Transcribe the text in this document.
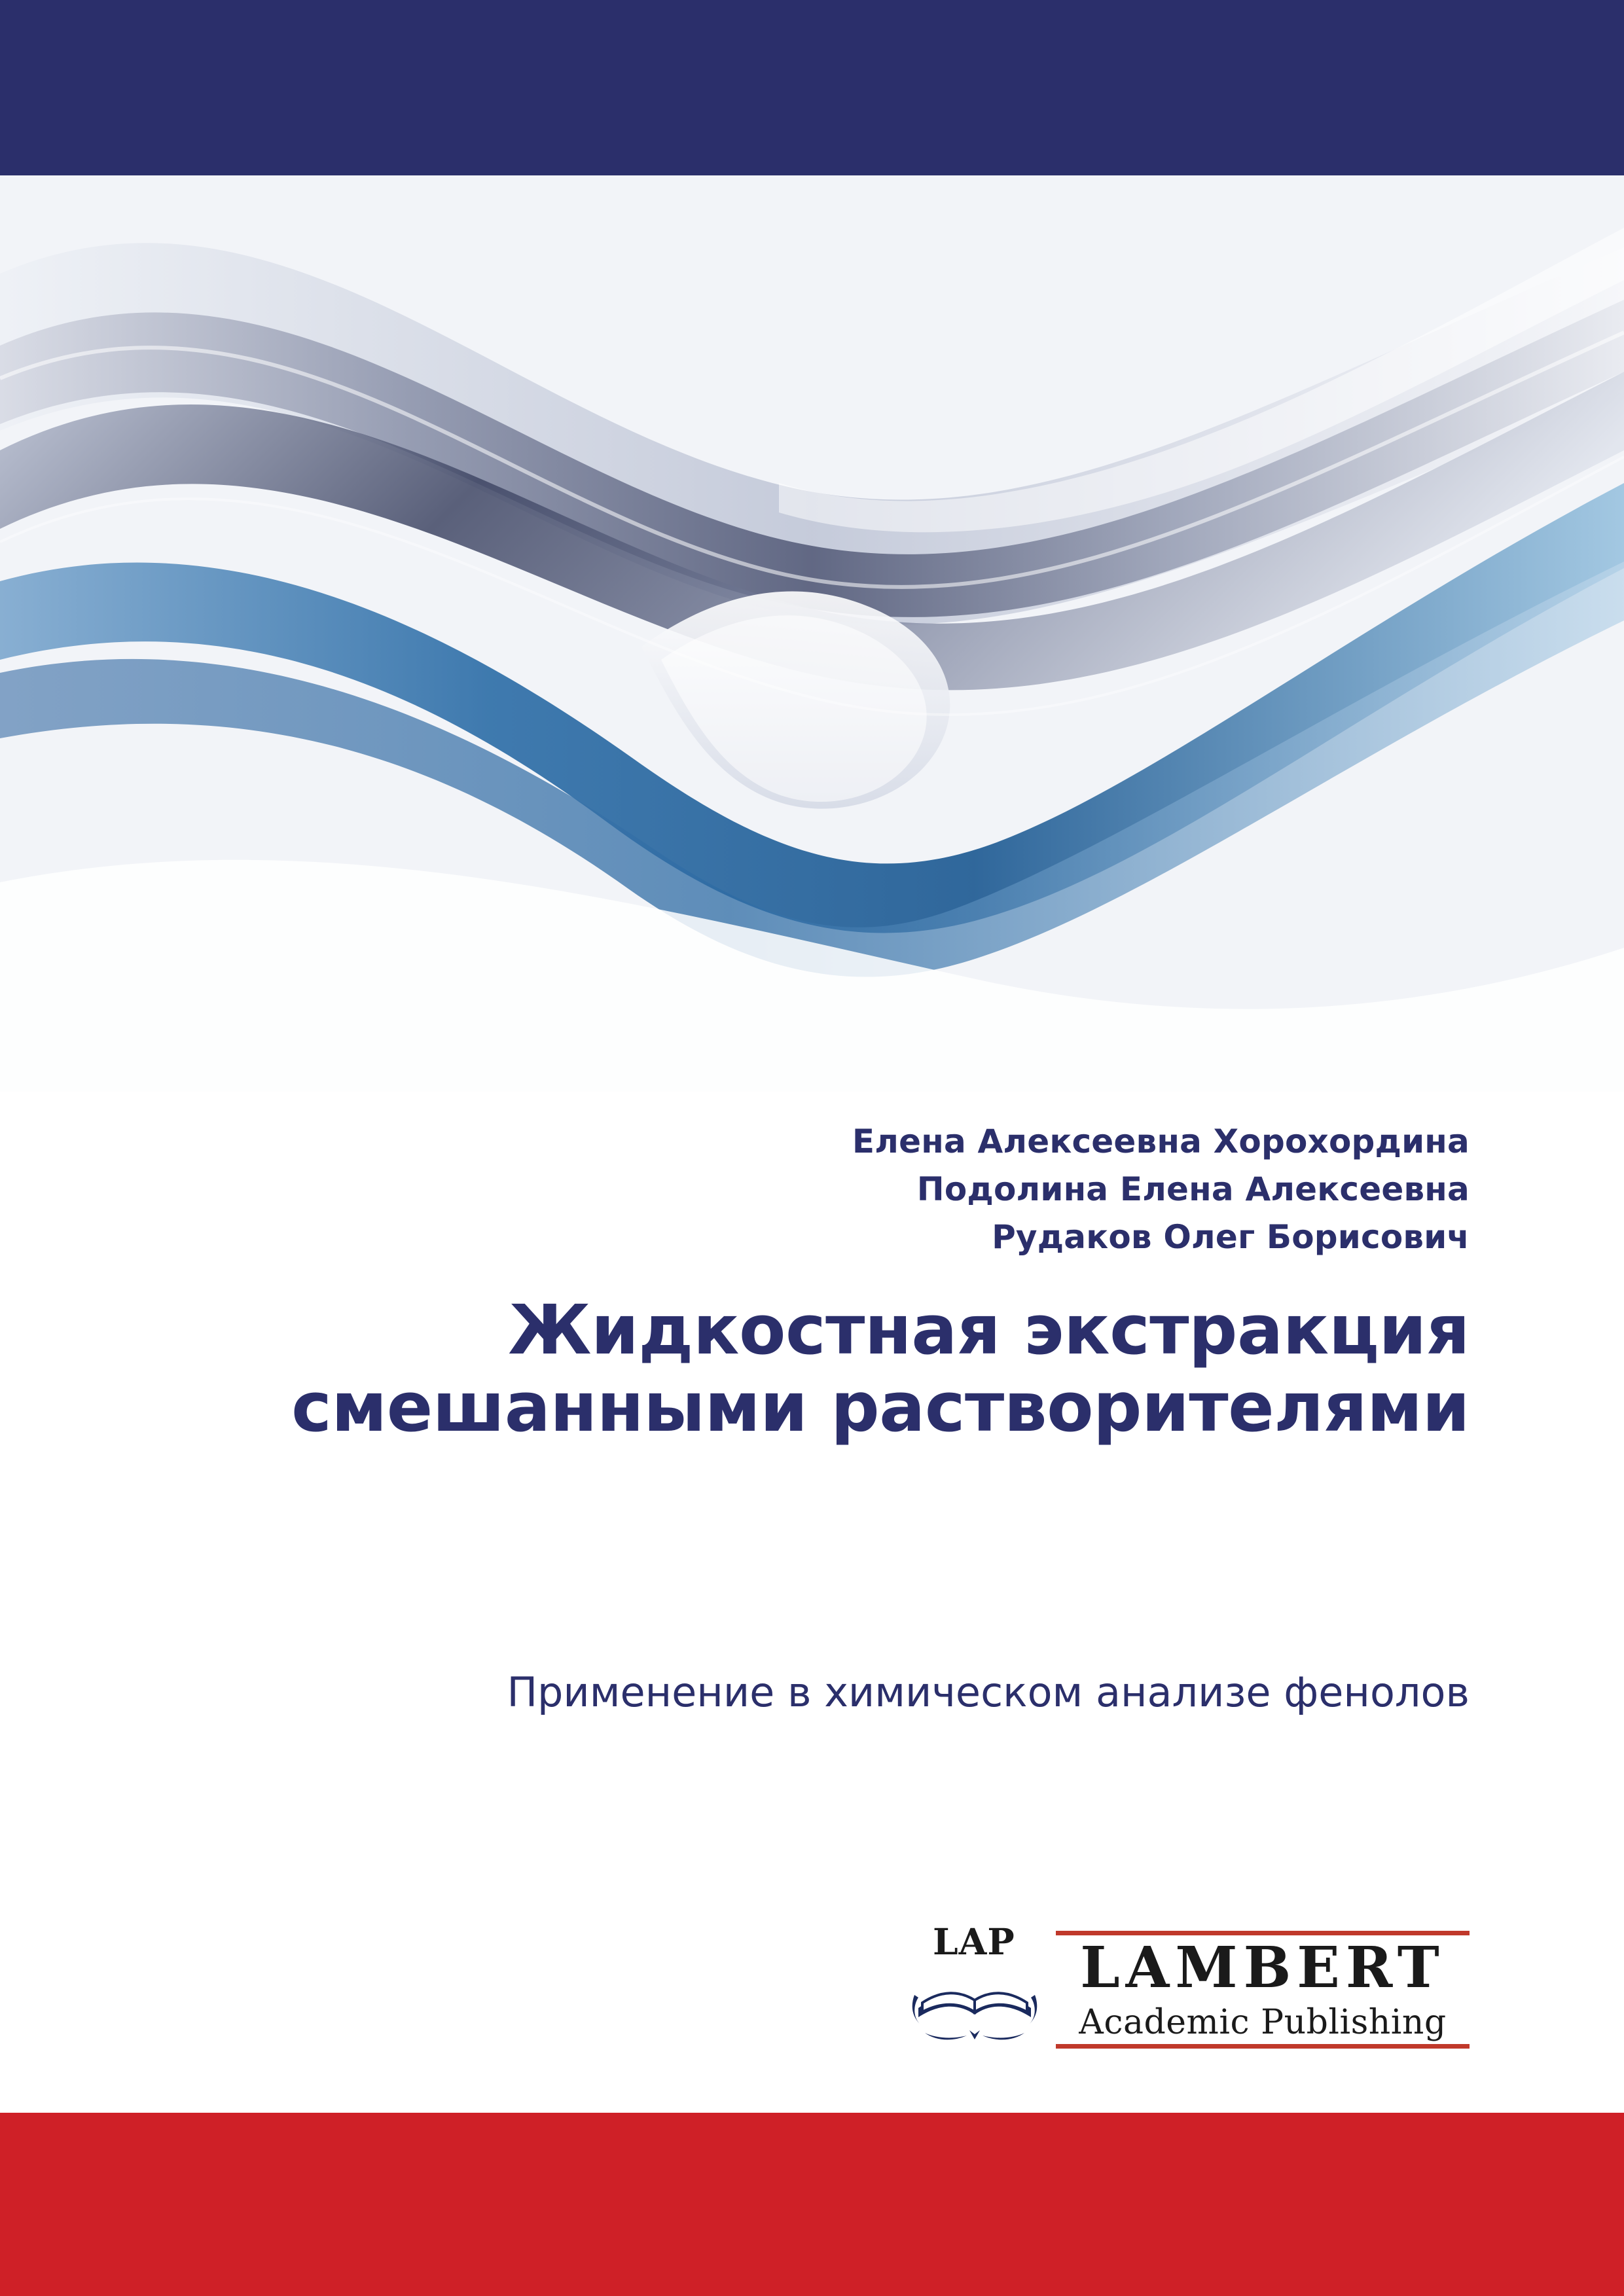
Елена Алексеевна Хорохордина
Подолина Елена Алексеевна
Рудаков Олег Борисович
Жидкостная экстракция смешанными растворителями
Применение в химическом анализе фенолов
LAP	LAMBERT
Academic Publishing
